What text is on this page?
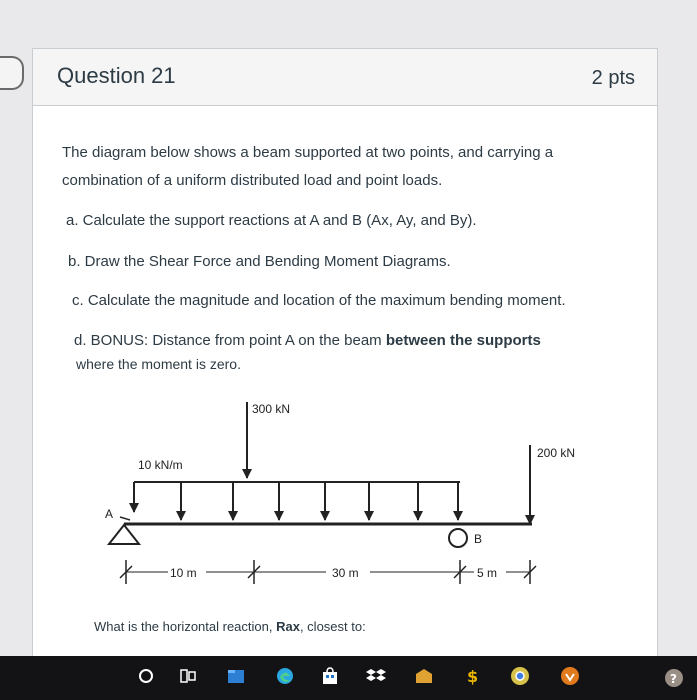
Question 21	2 pts
The diagram below shows a beam supported at two points, and carrying a
combination of a uniform distributed load and point loads.
a. Calculate the support reactions at A and B (Ax, Ay, and By).
b. Draw the Shear Force and Bending Moment Diagrams.
c. Calculate the magnitude and location of the maximum bending moment.
d. BONUS: Distance from point A on the beam between the supports
where the moment is zero.
300 kN
200 kN
10 kN/m
A
B
10 m	30 m	5 m
What is the horizontal reaction, Rax, closest to:
$	?
